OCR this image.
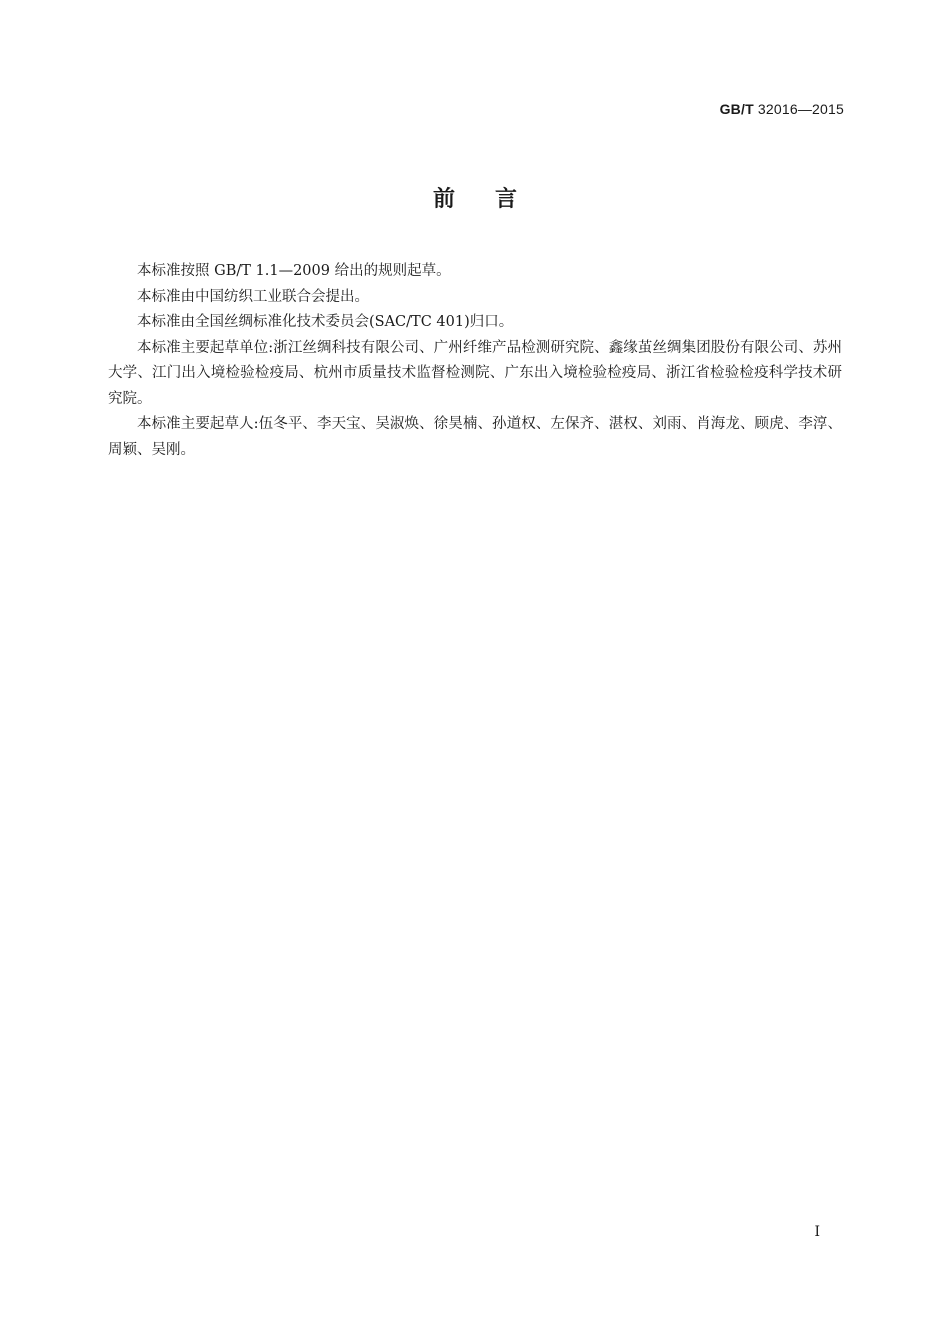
GB/T 32016—2015
前言

本标准按照 GB/T 1.1—2009 给出的规则起草。

本标准由中国纺织工业联合会提出。

本标准由全国丝绸标准化技术委员会(SAC/TC 401)归口。

本标准主要起草单位:浙江丝绸科技有限公司、广州纤维产品检测研究院、鑫缘茧丝绸集团股份有限公司、苏州大学、江门出入境检验检疫局、杭州市质量技术监督检测院、广东出入境检验检疫局、浙江省检验检疫科学技术研究院。

本标准主要起草人:伍冬平、李天宝、吴淑焕、徐昊楠、孙道权、左保齐、湛权、刘雨、肖海龙、顾虎、李淳、周颖、吴刚。

I
